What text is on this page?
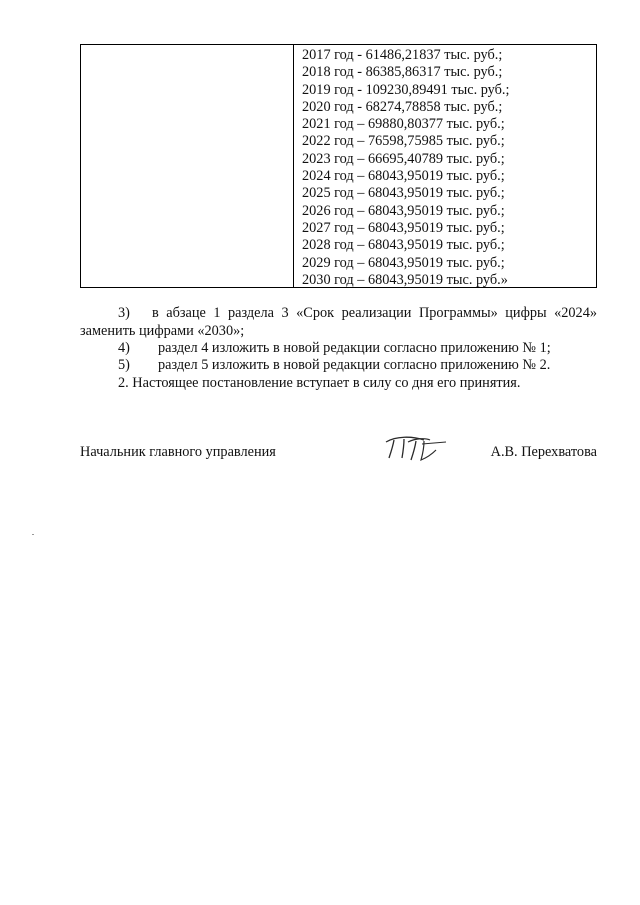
2017 год - 61486,21837 тыс. руб.;
2018 год - 86385,86317 тыс. руб.;
2019 год - 109230,89491 тыс. руб.;
2020 год - 68274,78858 тыс. руб.;
2021 год – 69880,80377 тыс. руб.;
2022 год – 76598,75985 тыс. руб.;
2023 год – 66695,40789 тыс. руб.;
2024 год – 68043,95019 тыс. руб.;
2025 год – 68043,95019 тыс. руб.;
2026 год – 68043,95019 тыс. руб.;
2027 год – 68043,95019 тыс. руб.;
2028 год – 68043,95019 тыс. руб.;
2029 год – 68043,95019 тыс. руб.;
2030 год – 68043,95019 тыс. руб.»
3)	в абзаце 1 раздела 3 «Срок реализации Программы» цифры «2024»
заменить цифрами «2030»;
4) раздел 4 изложить в новой редакции согласно приложению № 1;
5) раздел 5 изложить в новой редакции согласно приложению № 2.
2. Настоящее постановление вступает в силу со дня его принятия.
Начальник главного управления	А.В. Перехватова
